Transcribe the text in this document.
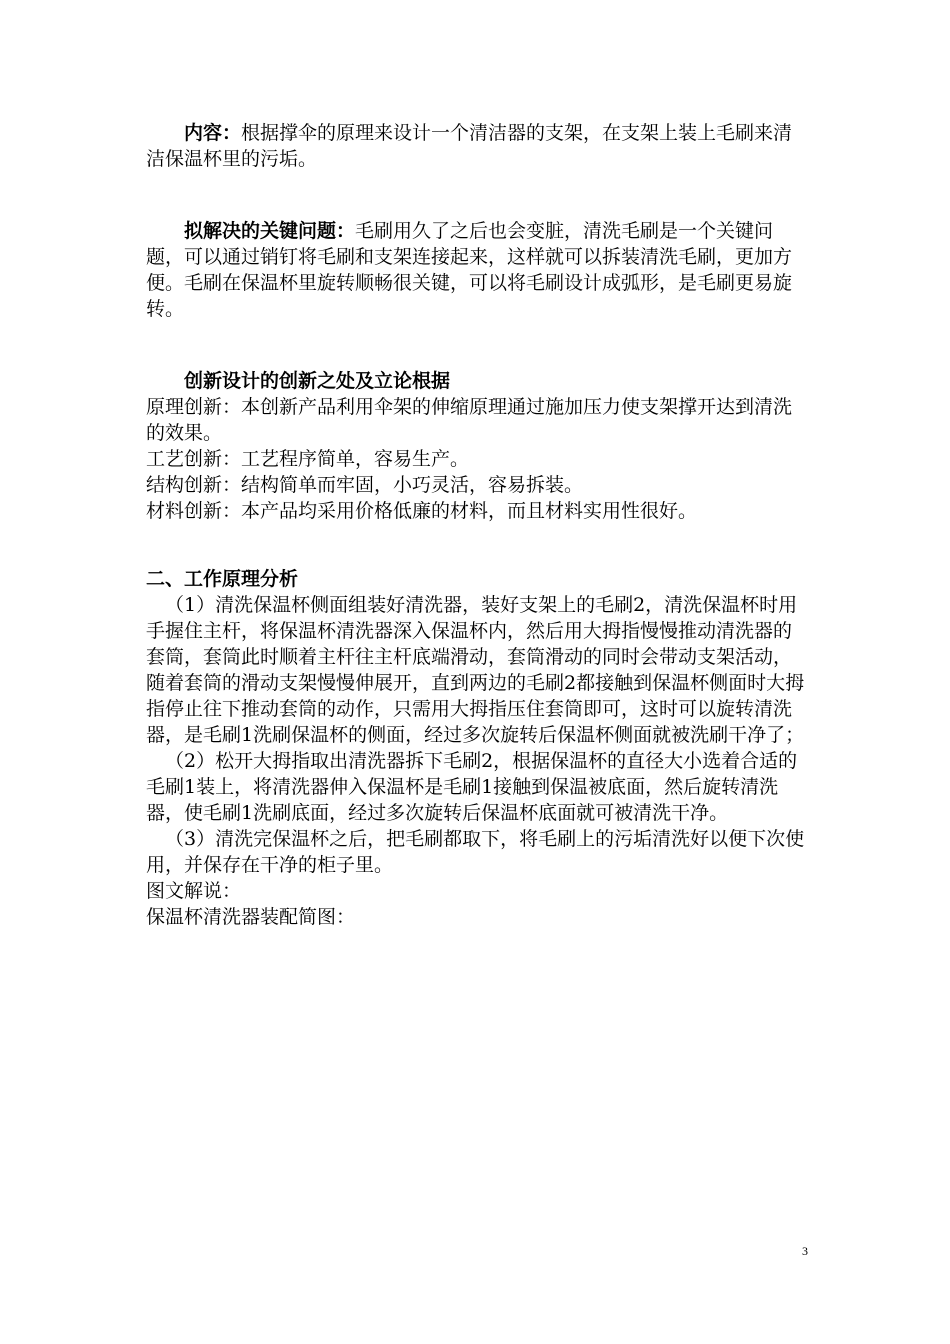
内容：根据撑伞的原理来设计一个清洁器的支架，在支架上装上毛刷来清洁保温杯里的污垢。

拟解决的关键问题：毛刷用久了之后也会变脏，清洗毛刷是一个关键问题，可以通过销钉将毛刷和支架连接起来，这样就可以拆装清洗毛刷，更加方便。毛刷在保温杯里旋转顺畅很关键，可以将毛刷设计成弧形，是毛刷更易旋转。

创新设计的创新之处及立论根据

原理创新：本创新产品利用伞架的伸缩原理通过施加压力使支架撑开达到清洗的效果。

工艺创新：工艺程序简单，容易生产。

结构创新：结构简单而牢固，小巧灵活，容易拆装。

材料创新：本产品均采用价格低廉的材料，而且材料实用性很好。

二、工作原理分析

（1）清洗保温杯侧面组装好清洗器，装好支架上的毛刷2，清洗保温杯时用手握住主杆，将保温杯清洗器深入保温杯内，然后用大拇指慢慢推动清洗器的套筒，套筒此时顺着主杆往主杆底端滑动，套筒滑动的同时会带动支架活动，随着套筒的滑动支架慢慢伸展开，直到两边的毛刷2都接触到保温杯侧面时大拇指停止往下推动套筒的动作，只需用大拇指压住套筒即可，这时可以旋转清洗器，是毛刷1洗刷保温杯的侧面，经过多次旋转后保温杯侧面就被洗刷干净了；

（2）松开大拇指取出清洗器拆下毛刷2，根据保温杯的直径大小选着合适的毛刷1装上，将清洗器伸入保温杯是毛刷1接触到保温被底面，然后旋转清洗器，使毛刷1洗刷底面，经过多次旋转后保温杯底面就可被清洗干净。

（3）清洗完保温杯之后，把毛刷都取下，将毛刷上的污垢清洗好以便下次使用，并保存在干净的柜子里。

图文解说：

保温杯清洗器装配简图：

3
